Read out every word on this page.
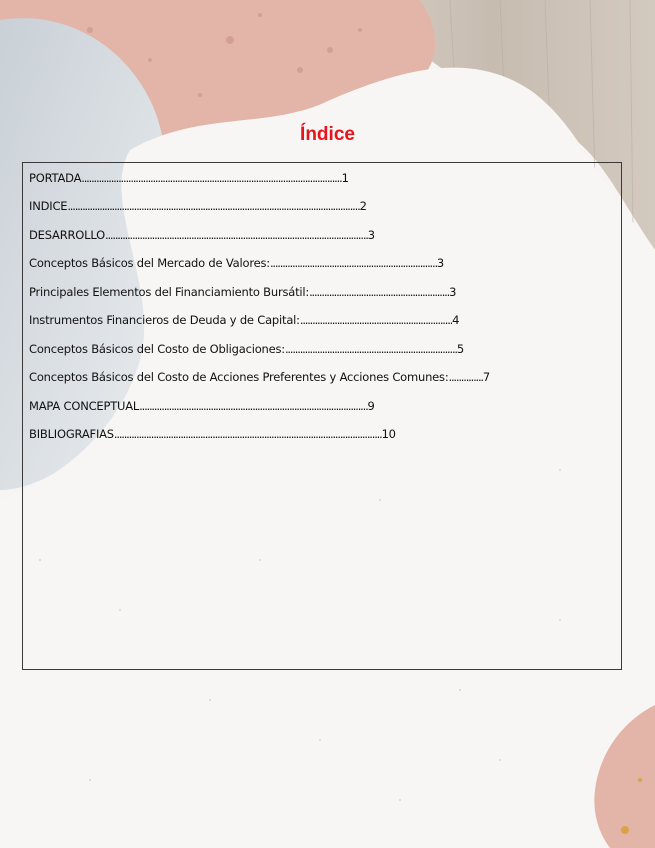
Índice
PORTADA..........................................................................................................1
INDICE.......................................................................................................................2
DESARROLLO...........................................................................................................3
Conceptos Básicos del Mercado de Valores:....................................................................3
Principales Elementos del Financiamiento Bursátil:.........................................................3
Instrumentos Financieros de Deuda y de Capital:..............................................................4
Conceptos Básicos del Costo de Obligaciones:......................................................................5
Conceptos Básicos del Costo de Acciones Preferentes y Acciones Comunes:..............7
MAPA CONCEPTUAL.............................................................................................9
BIBLIOGRAFIAS.............................................................................................................10
